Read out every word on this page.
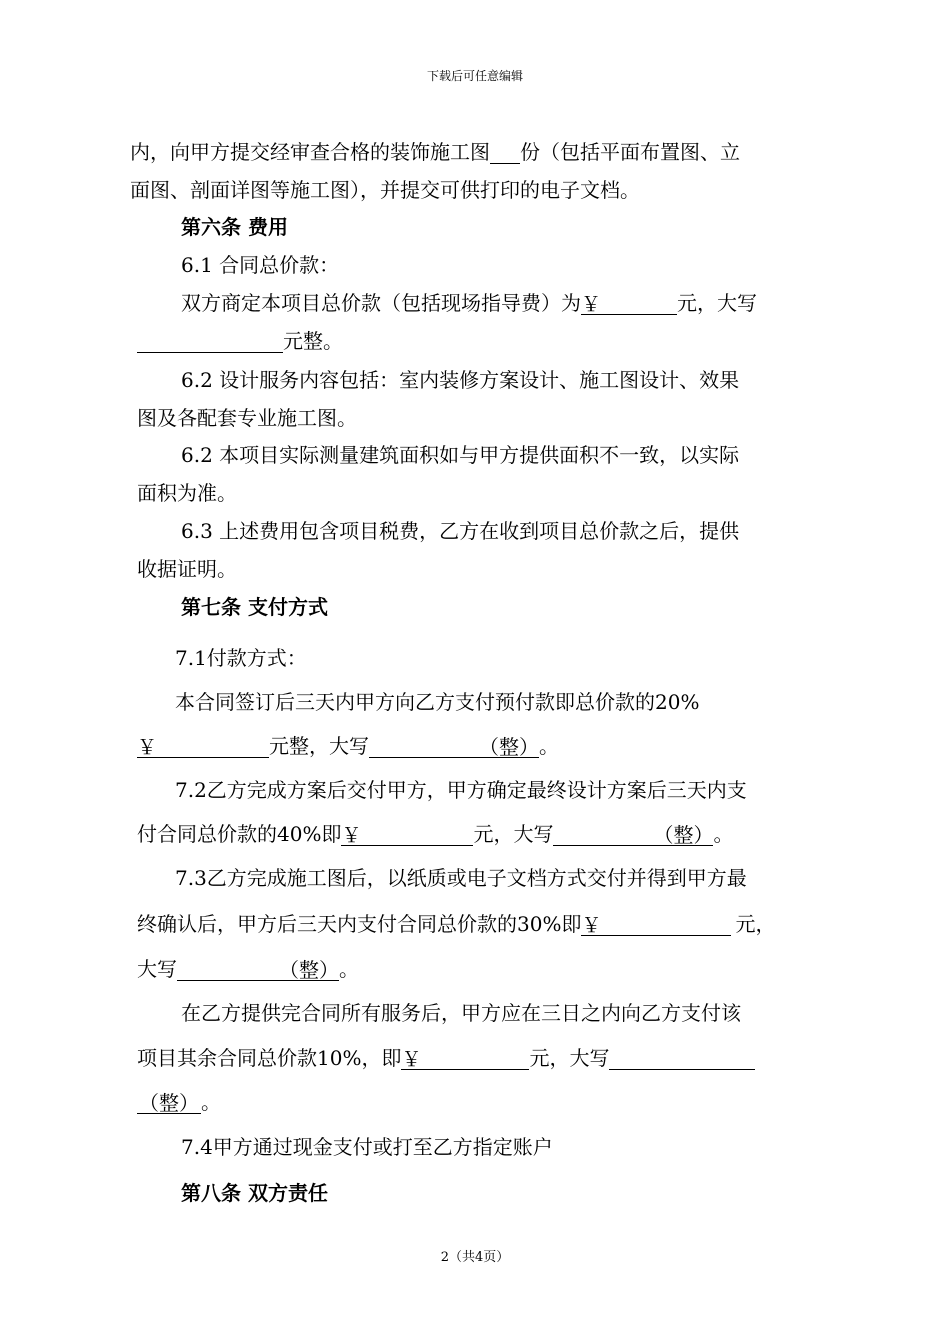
下载后可任意编辑
内，向甲方提交经审查合格的装饰施工图 份（包括平面布置图、立
面图、剖面详图等施工图），并提交可供打印的电子文档。
第六条 费用
6.1 合同总价款：
双方商定本项目总价款（包括现场指导费）为￥	元，大写
元整。
6.2 设计服务内容包括：室内装修方案设计、施工图设计、效果
图及各配套专业施工图。
6.2 本项目实际测量建筑面积如与甲方提供面积不一致，以实际
面积为准。
6.3 上述费用包含项目税费，乙方在收到项目总价款之后，提供
收据证明。
第七条 支付方式
7.1付款方式：
本合同签订后三天内甲方向乙方支付预付款即总价款的20%
￥	元整，大写	（整）。
7.2乙方完成方案后交付甲方，甲方确定最终设计方案后三天内支
付合同总价款的40%即￥	元，大写	（整）。
7.3乙方完成施工图后，以纸质或电子文档方式交付并得到甲方最
终确认后，甲方后三天内支付合同总价款的30%即￥	元，
大写	（整）。
在乙方提供完合同所有服务后，甲方应在三日之内向乙方支付该
项目其余合同总价款10%，即￥	元，大写
（整） 。
7.4甲方通过现金支付或打至乙方指定账户
第八条 双方责任
2（共4页）
